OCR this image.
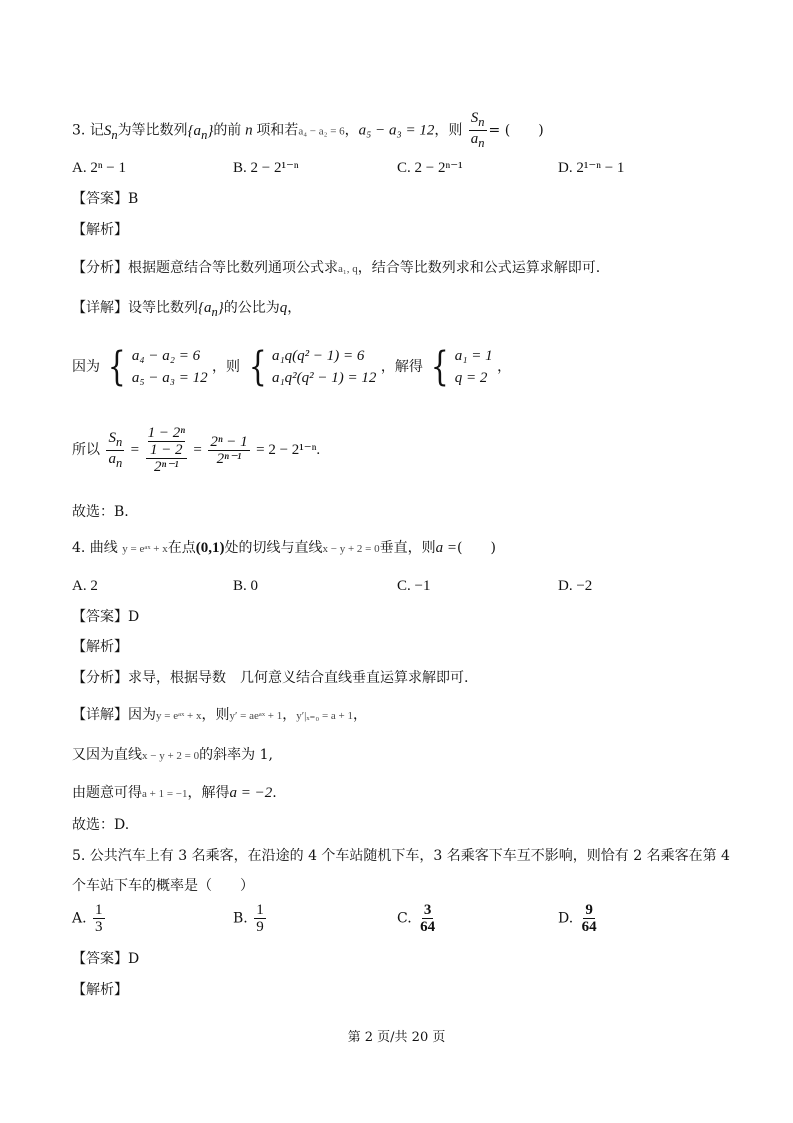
3. 记$S_n$为等比数列$\{a_n\}$的前 n 项和若a₄ − a₂ = 6，a₅ − a₃ = 12，则 $\frac{S_n}{a_n}$ = (　　)
A. 2ⁿ − 1	B. 2 − 2¹⁻ⁿ	C. 2 − 2ⁿ⁻¹	D. 2¹⁻ⁿ − 1
【答案】B
【解析】
【分析】根据题意结合等比数列通项公式求a₁, q，结合等比数列求和公式运算求解即可.
【详解】设等比数列$\{a_n\}$的公比为q，
因为 { a₄ − a₂ = 6
a₅ − a₃ = 12
，则 { a₁q(q² − 1) = 6
a₁q²(q² − 1) = 12
，解得 { a₁ = 1
q = 2
，
所以 $\frac{S_n}{a_n} = 1 - 2^n$
1 − 2
$2^{n-1} = \frac{\text{2ⁿ − 1}}{\text{2ⁿ⁻¹}} = 2 - 2^{1-n}$.
故选：B.
4. 曲线 y = eᵃˣ + x在点(0,1)处的切线与直线x − y + 2 = 0垂直，则a =(　　)
A. 2	B. 0	C. −1	D. −2
【答案】D
【解析】
【分析】求导，根据导数　几何意义结合直线垂直运算求解即可.
【详解】因为y = eᵃˣ + x，则y′ = aeᵃˣ + 1，y′|ₓ₌₀ = a + 1，
又因为直线x − y + 2 = 0的斜率为 1,
由题意可得a + 1 = −1，解得a = −2.
故选：D.
5. 公共汽车上有 3 名乘客，在沿途的 4 个车站随机下车，3 名乘客下车互不影响，则恰有 2 名乘客在第 4
个车站下车的概率是（　　）
A. $\frac{1}{3}$	B. $\frac{1}{9}$	C. $\frac{3}{64}$	D. $\frac{9}{64}$
【答案】D
【解析】
第 2 页/共 20 页
